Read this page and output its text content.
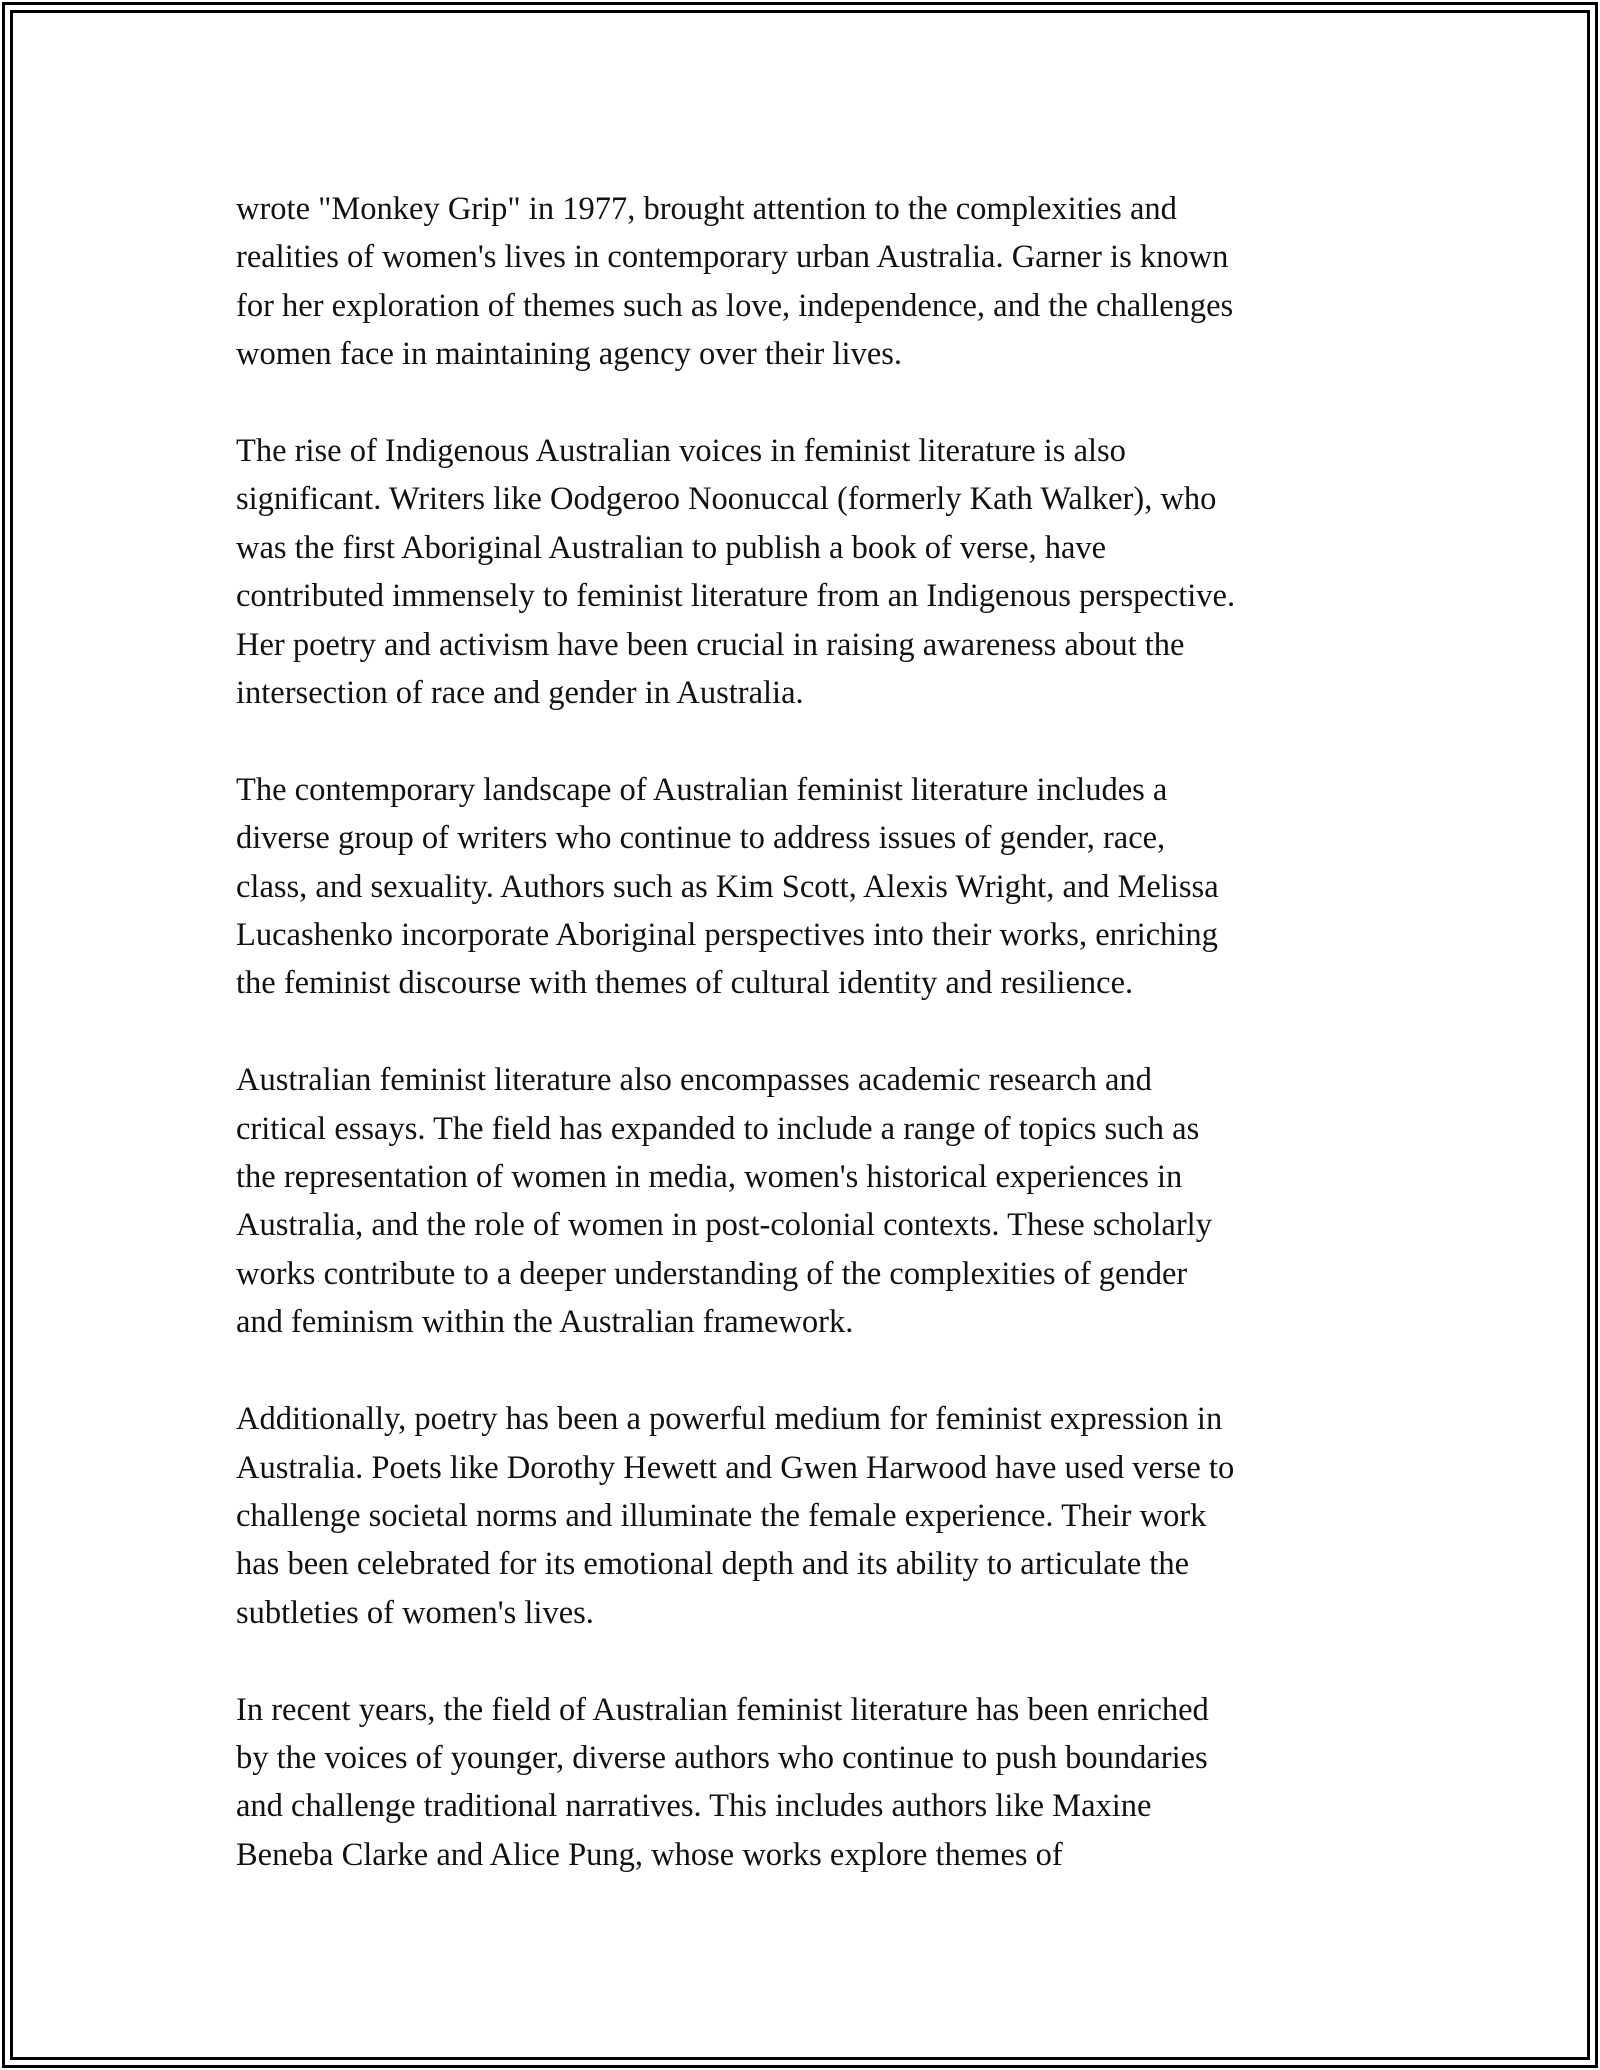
wrote "Monkey Grip" in 1977, brought attention to the complexities and
realities of women's lives in contemporary urban Australia. Garner is known
for her exploration of themes such as love, independence, and the challenges
women face in maintaining agency over their lives.

The rise of Indigenous Australian voices in feminist literature is also
significant. Writers like Oodgeroo Noonuccal (formerly Kath Walker), who
was the first Aboriginal Australian to publish a book of verse, have
contributed immensely to feminist literature from an Indigenous perspective.
Her poetry and activism have been crucial in raising awareness about the
intersection of race and gender in Australia.

The contemporary landscape of Australian feminist literature includes a
diverse group of writers who continue to address issues of gender, race,
class, and sexuality. Authors such as Kim Scott, Alexis Wright, and Melissa
Lucashenko incorporate Aboriginal perspectives into their works, enriching
the feminist discourse with themes of cultural identity and resilience.

Australian feminist literature also encompasses academic research and
critical essays. The field has expanded to include a range of topics such as
the representation of women in media, women's historical experiences in
Australia, and the role of women in post-colonial contexts. These scholarly
works contribute to a deeper understanding of the complexities of gender
and feminism within the Australian framework.

Additionally, poetry has been a powerful medium for feminist expression in
Australia. Poets like Dorothy Hewett and Gwen Harwood have used verse to
challenge societal norms and illuminate the female experience. Their work
has been celebrated for its emotional depth and its ability to articulate the
subtleties of women's lives.

In recent years, the field of Australian feminist literature has been enriched
by the voices of younger, diverse authors who continue to push boundaries
and challenge traditional narratives. This includes authors like Maxine
Beneba Clarke and Alice Pung, whose works explore themes of
